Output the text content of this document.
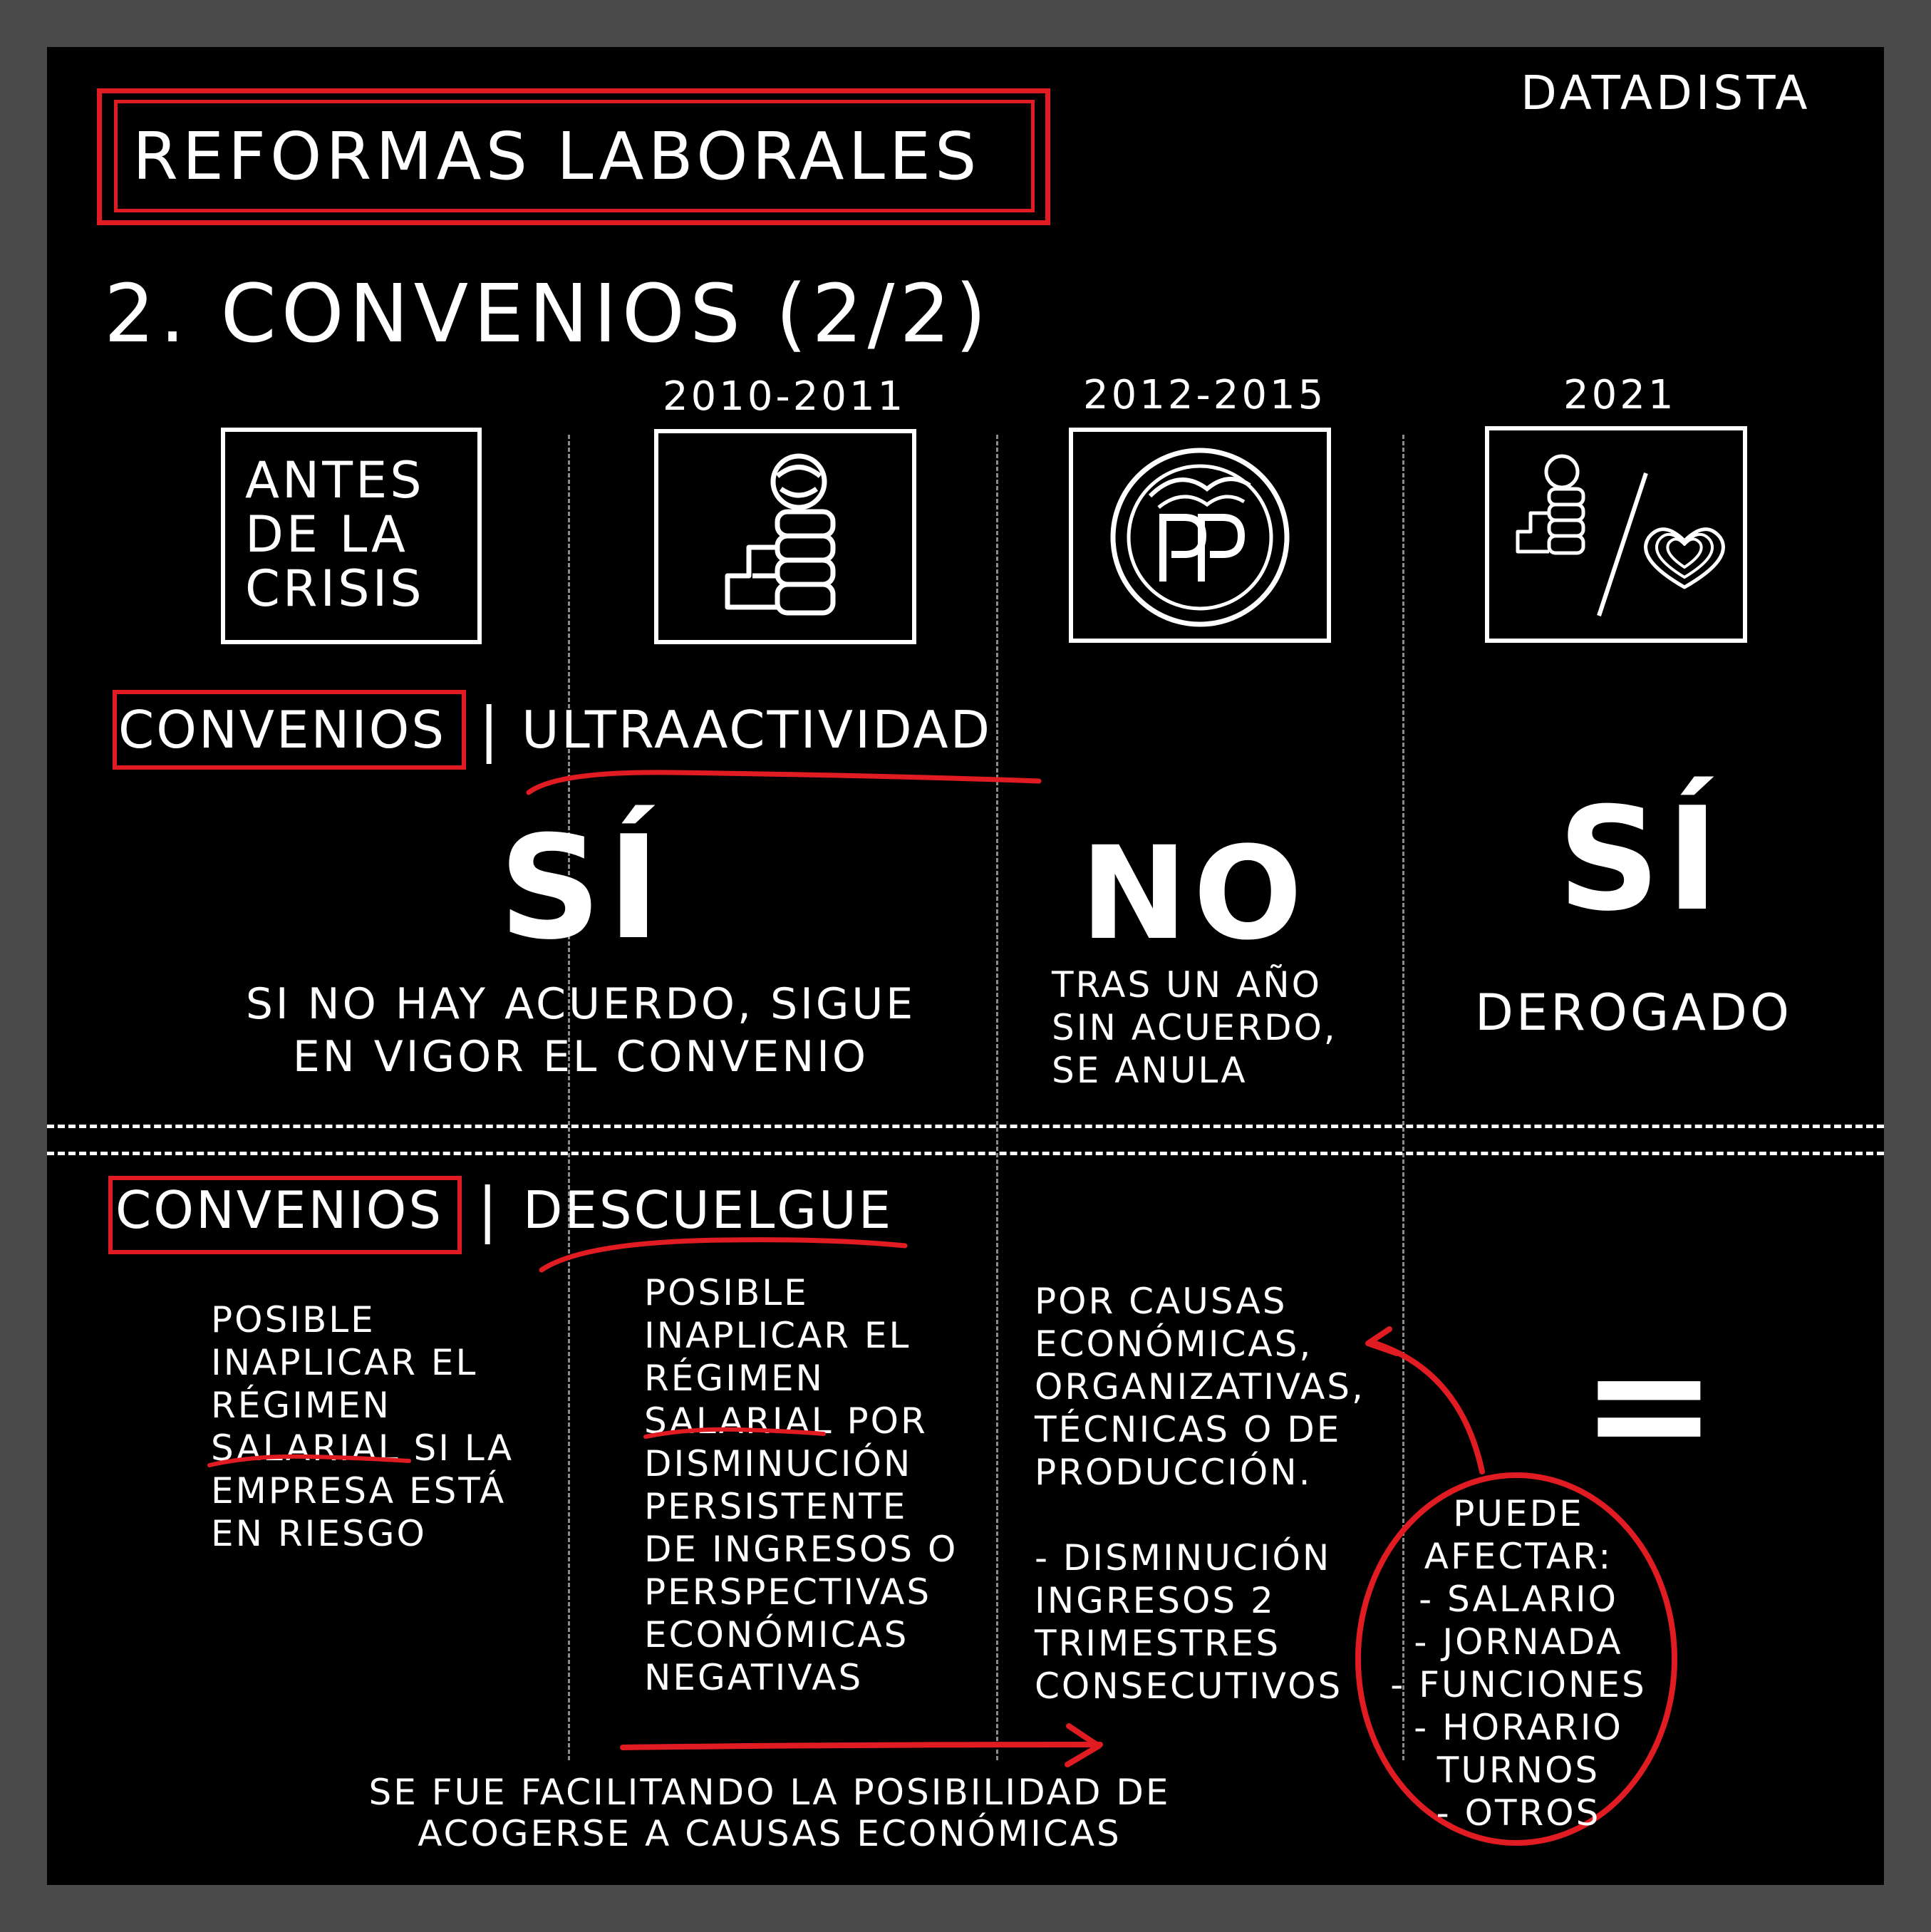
DATADISTA
REFORMAS LABORALES
2. CONVENIOS (2/2)
2010-2011	2012-2015	2021
ANTES
DE LA
CRISIS
CONVENIOS | ULTRAACTIVIDAD
SÍ
SI NO HAY ACUERDO, SIGUE
EN VIGOR EL CONVENIO
NO
TRAS UN AÑO
SIN ACUERDO,
SE ANULA
SÍ
DEROGADO
CONVENIOS | DESCUELGUE
POSIBLE
INAPLICAR EL
RÉGIMEN
SALARIAL SI LA
EMPRESA ESTÁ
EN RIESGO
POSIBLE
INAPLICAR EL
RÉGIMEN
SALARIAL POR
DISMINUCIÓN
PERSISTENTE
DE INGRESOS O
PERSPECTIVAS
ECONÓMICAS
NEGATIVAS
POR CAUSAS
ECONÓMICAS,
ORGANIZATIVAS,
TÉCNICAS O DE
PRODUCCIÓN.

- DISMINUCIÓN
INGRESOS 2
TRIMESTRES
CONSECUTIVOS
=
PUEDE
AFECTAR:
- SALARIO
- JORNADA
- FUNCIONES
- HORARIO
TURNOS
- OTROS
SE FUE FACILITANDO LA POSIBILIDAD DE
ACOGERSE A CAUSAS ECONÓMICAS
